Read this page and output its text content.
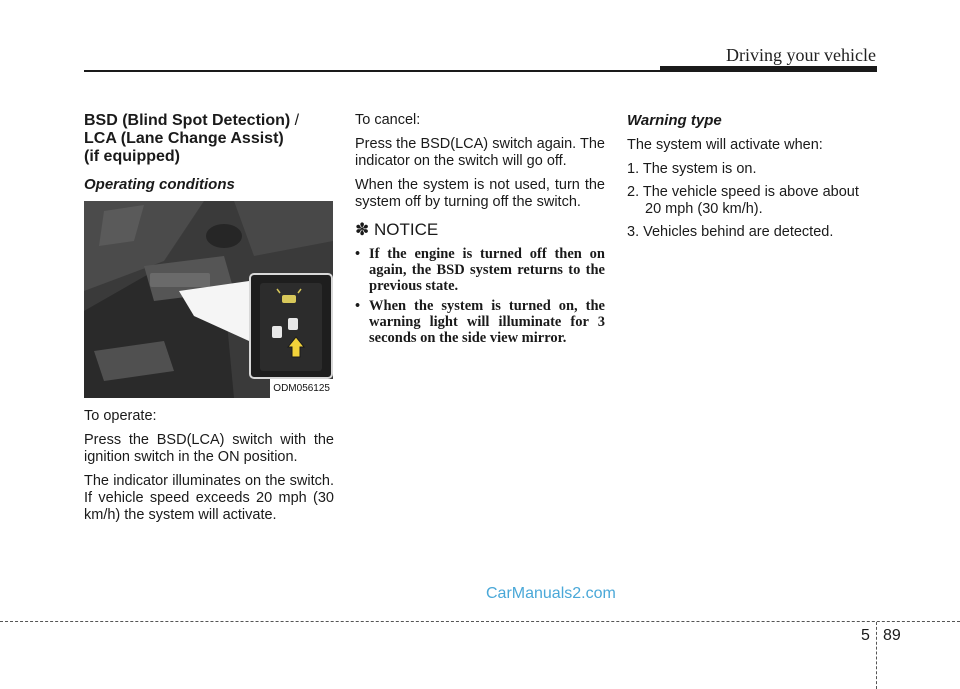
Driving your vehicle
BSD (Blind Spot Detection) /
LCA (Lane Change Assist)
(if equipped)
Operating conditions
ODM056125

To operate:

Press the BSD(LCA) switch with the ignition switch in the ON position.

The indicator illuminates on the switch. If vehicle speed exceeds 20 mph (30 km/h) the system will activate.

To cancel:

Press the BSD(LCA) switch again. The indicator on the switch will go off.

When the system is not used, turn the system off by turning off the switch.

✽ NOTICE
• If the engine is turned off then on again, the BSD system returns to the previous state.
• When the system is turned on, the warning light will illuminate for 3 seconds on the side view mirror.
Warning type

The system will activate when:

1. The system is on.
2. The vehicle speed is above about 20 mph (30 km/h).
3. Vehicles behind are detected.
CarManuals2.com
5 89
